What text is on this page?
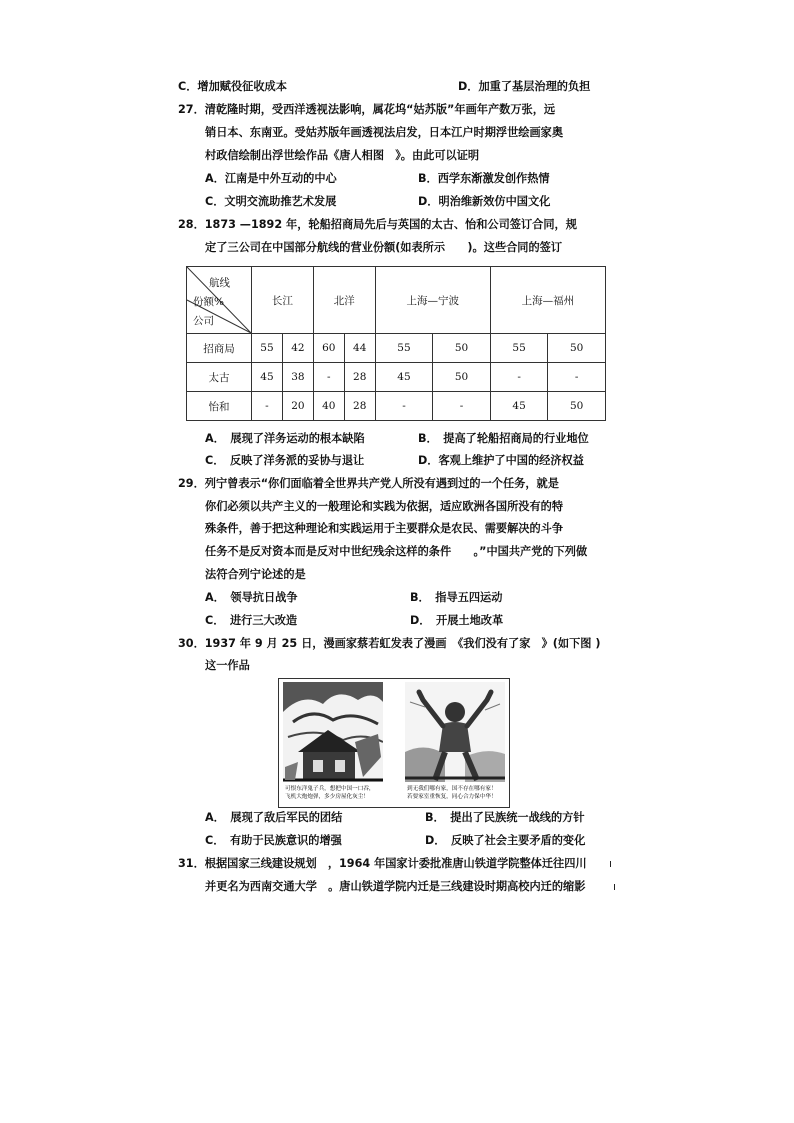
C．增加赋役征收成本	D．加重了基层治理的负担
27．清乾隆时期，受西洋透视法影响，属花坞“姑苏版”年画年产数万张，远
销日本、东南亚。受姑苏版年画透视法启发，日本江户时期浮世绘画家奥
村政信绘制出浮世绘作品《唐人相图　》。由此可以证明
A．江南是中外互动的中心	B．西学东渐激发创作热情
C．文明交流助推艺术发展	D．明治维新效仿中国文化
28．1873 —1892 年，轮船招商局先后与英国的太古、怡和公司签订合同，规
定了三公司在中国部分航线的营业份额(如表所示　　)。这些合同的签订
航线
份额%
公司	长江		北洋		上海—宁波		上海—福州	
招商局	55	42	60	44	55	50	55	50
太古	45	38	-	28	45	50	-	-
怡和	-	20	40	28	-	-	45	50
A．　展现了洋务运动的根本缺陷	B．　提高了轮船招商局的行业地位
C．　反映了洋务派的妥协与退让	D．客观上维护了中国的经济权益
29．列宁曾表示“你们面临着全世界共产党人所没有遇到过的一个任务，就是
你们必须以共产主义的一般理论和实践为依据，适应欧洲各国所没有的特
殊条件，善于把这种理论和实践运用于主要群众是农民、需要解决的斗争
任务不是反对资本而是反对中世纪残余这样的条件　　。”中国共产党的下列做
法符合列宁论述的是
A．　领导抗日战争	B．　指导五四运动
C．　进行三大改造	D．　开展土地改革
30．1937 年 9 月 25 日，漫画家蔡若虹发表了漫画　《我们没有了家　》(如下图 )
这一作品
可恨东洋鬼子兵，想把中国一口吞，
飞机大炮炮弹，多少房屋化灰尘！
到无我们哪有家，国不存在哪有家！
若要家室重恢复，同心合力保中华！
A．　展现了敌后军民的团结	B．　提出了民族统一战线的方针
C．　有助于民族意识的增强	D．　反映了社会主要矛盾的变化
31．根据国家三线建设规划　，1964 年国家计委批准唐山铁道学院整体迁往四川
并更名为西南交通大学　。唐山铁道学院内迁是三线建设时期高校内迁的缩影
